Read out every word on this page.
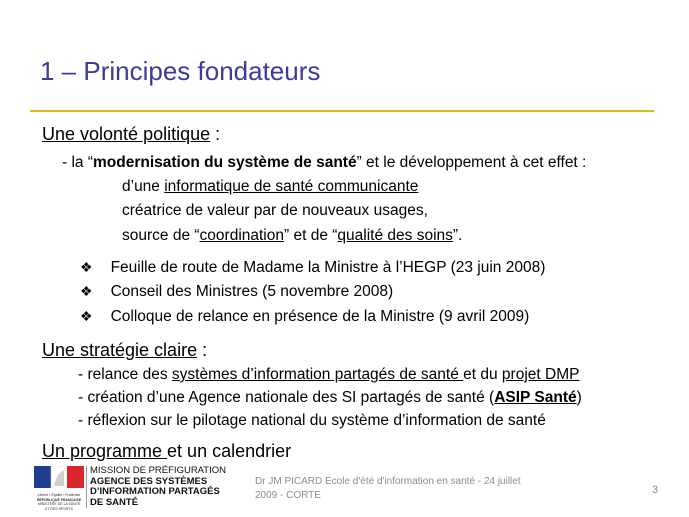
1 – Principes fondateurs
Une volonté politique :
- la “modernisation du système de santé” et le développement à cet effet :
d’une informatique de santé communicante
créatrice de valeur par de nouveaux usages,
source de “coordination” et de “qualité des soins”.
❖ Feuille de route de Madame la Ministre à l’HEGP (23 juin 2008)
❖ Conseil des Ministres (5 novembre 2008)
❖ Colloque de relance en présence de la Ministre (9 avril 2009)
Une stratégie claire :
- relance des systèmes d’information partagés de santé et du projet DMP
- création d’une Agence nationale des SI partagés de santé (ASIP Santé)
- réflexion sur le pilotage national du système d’information de santé
Un programme et un calendrier
Liberté • Égalité • Fraternité
RÉPUBLIQUE FRANÇAISE
MINISTÈRE DE LA SANTÉ
ET DES SPORTS
MISSION DE PRÉFIGURATION
AGENCE DES SYSTÈMES
D’INFORMATION PARTAGÉS
DE SANTÉ
Dr JM PICARD Ecole d'été d'information en santé - 24 juillet 2009 - CORTE	3
